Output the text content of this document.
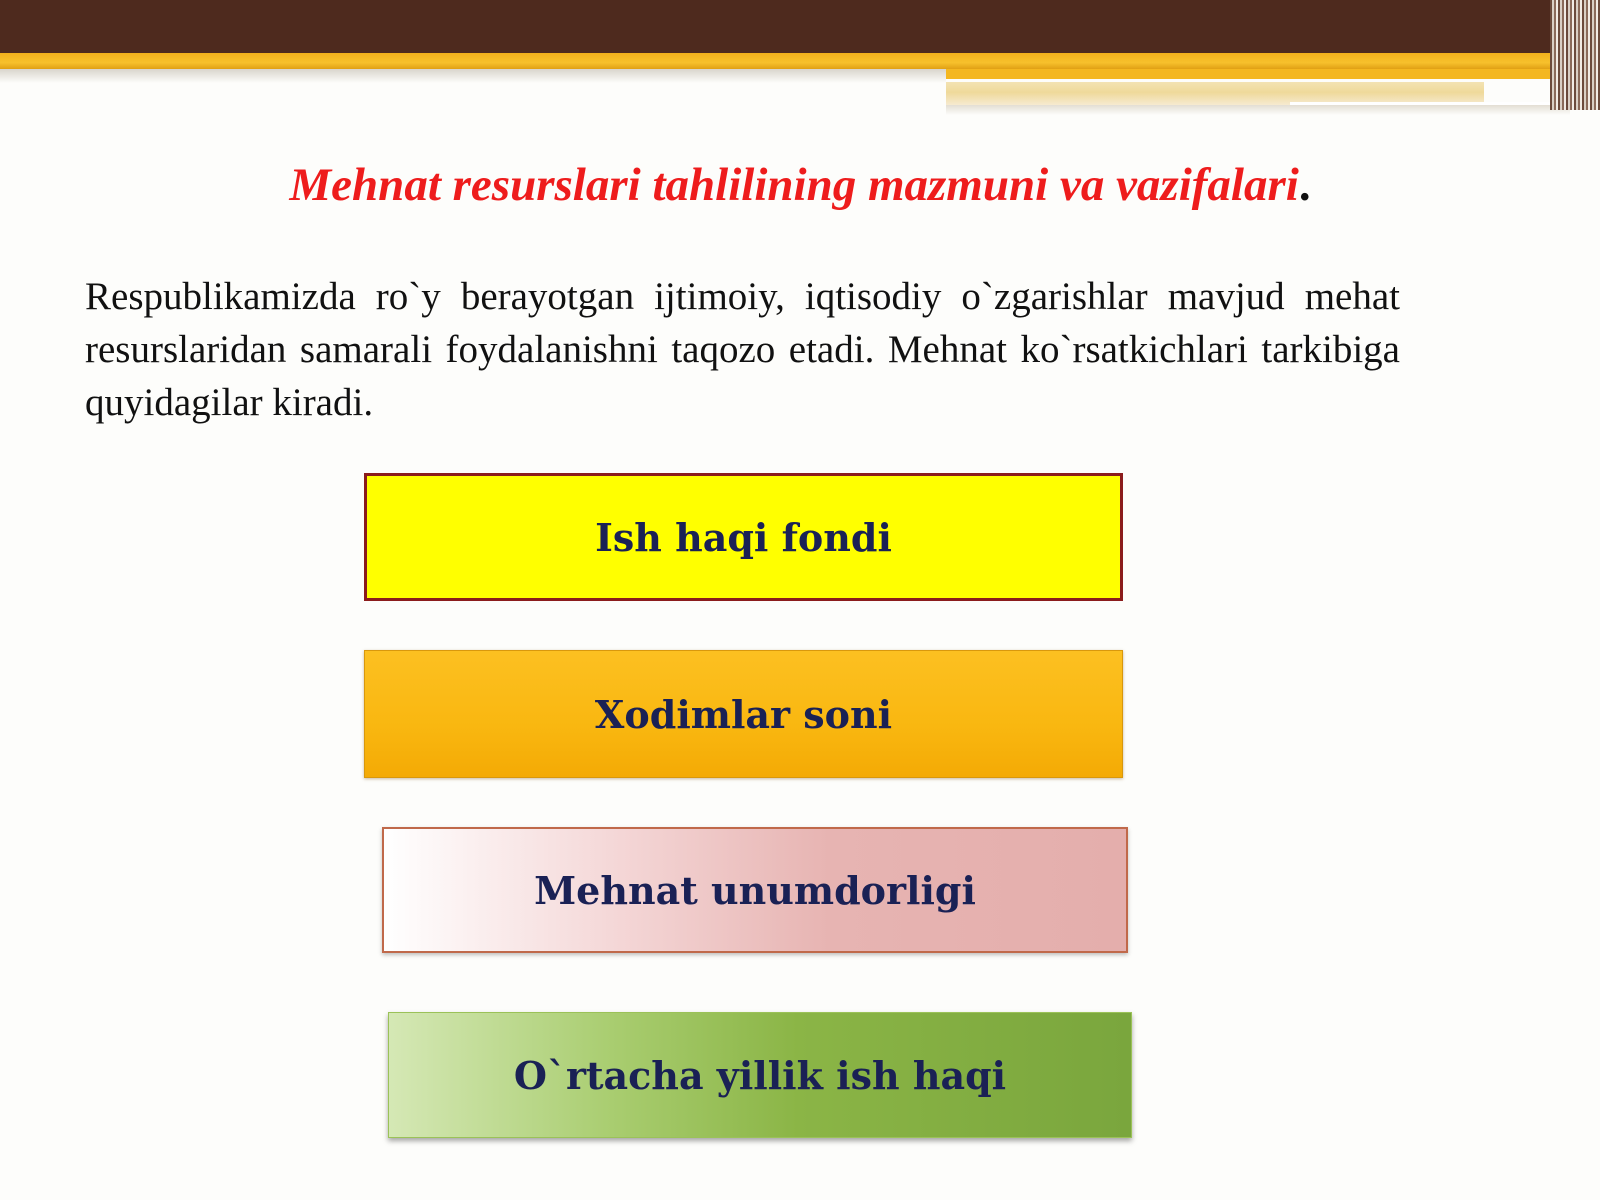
Mehnat resurslari tahlilining mazmuni va vazifalari.
Respublikamizda ro`y berayotgan ijtimoiy, iqtisodiy o`zgarishlar mavjud mehat resurslaridan samarali foydalanishni taqozo etadi. Mehnat ko`rsatkichlari tarkibiga quyidagilar kiradi.
Ish haqi fondi
Xodimlar soni
Mehnat unumdorligi
O`rtacha yillik ish haqi
